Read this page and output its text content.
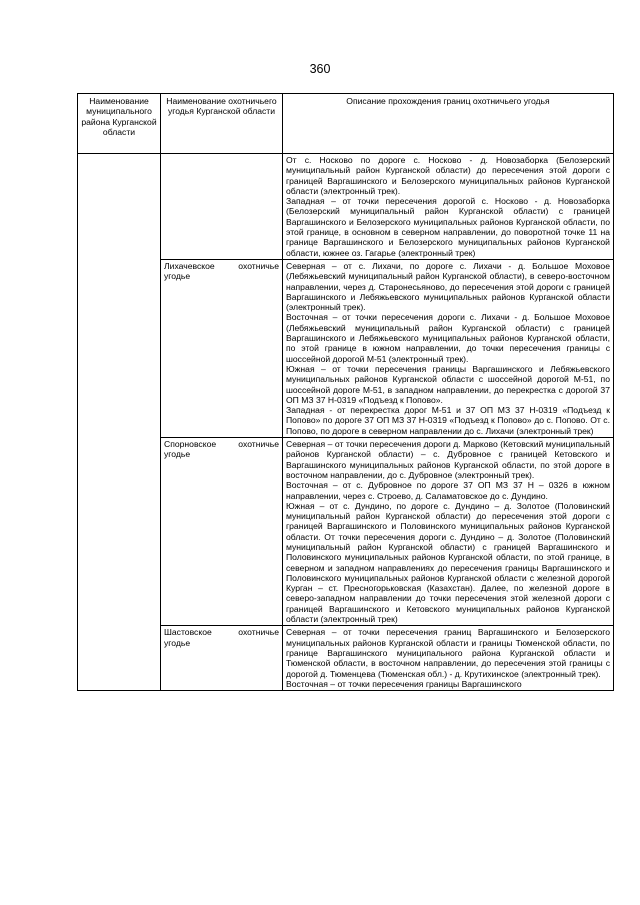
360
Наименование муниципального района Курганской области	Наименование охотничьего угодья Курганской области	Описание прохождения границ охотничьего угодья

		От с. Носково по дороге с. Носково - д. Новозаборка (Белозерский муниципальный район Курганской области) до пересечения этой дороги с границей Варгашинского и Белозерского муниципальных районов Курганской области (электронный трек).

Западная – от точки пересечения дорогой с. Носково - д. Новозаборка (Белозерский муниципальный район Курганской области) с границей Варгашинского и Белозерского муниципальных районов Курганской области, по этой границе, в основном в северном направлении, до поворотной точке 11 на границе Варгашинского и Белозерского муниципальных районов Курганской области, южнее оз. Гагарье (электронный трек)

	Лихачевское охотничье угодье	Северная – от с. Лихачи, по дороге с. Лихачи - д. Большое Моховое (Лебяжьевский муниципальный район Курганской области), в северо-восточном направлении, через д. Старонесьяново, до пересечения этой дороги с границей Варгашинского и Лебяжьевского муниципальных районов Курганской области (электронный трек).

Восточная – от точки пересечения дороги с. Лихачи - д. Большое Моховое (Лебяжьевский муниципальный район Курганской области) с границей Варгашинского и Лебяжьевского муниципальных районов Курганской области, по этой границе в южном направлении, до точки пересечения границы с шоссейной дорогой М-51 (электронный трек).

Южная – от точки пересечения границы Варгашинского и Лебяжьевского муниципальных районов Курганской области с шоссейной дорогой М-51, по шоссейной дороге М-51, в западном направлении, до перекрестка с дорогой 37 ОП МЗ 37 Н-0319 «Подъезд к Попово».

Западная - от перекрестка дорог М-51 и 37 ОП МЗ 37 Н-0319 «Подъезд к Попово» по дороге 37 ОП МЗ 37 Н-0319 «Подъезд к Попово» до с. Попово. От с. Попово, по дороге в северном направлении до с. Лихачи (электронный трек)

	Спорновское охотничье угодье	Северная – от точки пересечения дороги д. Марково (Кетовский муниципальный районов Курганской области) – с. Дубровное с границей Кетовского и Варгашинского муниципальных районов Курганской области, по этой дороге в восточном направлении, до с. Дубровное (электронный трек).

Восточная – от с. Дубровное по дороге 37 ОП МЗ 37 Н – 0326 в южном направлении, через с. Строево, д. Саламатовское до с. Дундино.

Южная – от с. Дундино, по дороге с. Дундино – д. Золотое (Половинский муниципальный район Курганской области) до пересечения этой дороги с границей Варгашинского и Половинского муниципальных районов Курганской области. От точки пересечения дороги с. Дундино – д. Золотое (Половинский муниципальный район Курганской области) с границей Варгашинского и Половинского муниципальных районов Курганской области, по этой границе, в северном и западном направлениях до пересечения границы Варгашинского и Половинского муниципальных районов Курганской области с железной дорогой Курган – ст. Пресногорьковская (Казахстан). Далее, по железной дороге в северо-западном направлении до точки пересечения этой железной дороги с границей Варгашинского и Кетовского муниципальных районов Курганской области (электронный трек)

	Шастовское охотничье угодье	Северная – от точки пересечения границ Варгашинского и Белозерского муниципальных районов Курганской области и границы Тюменской области, по границе Варгашинского муниципального района Курганской области и Тюменской области, в восточном направлении, до пересечения этой границы с дорогой д. Тюменцева (Тюменская обл.) - д. Крутихинское (электронный трек).

Восточная – от точки пересечения границы Варгашинского
